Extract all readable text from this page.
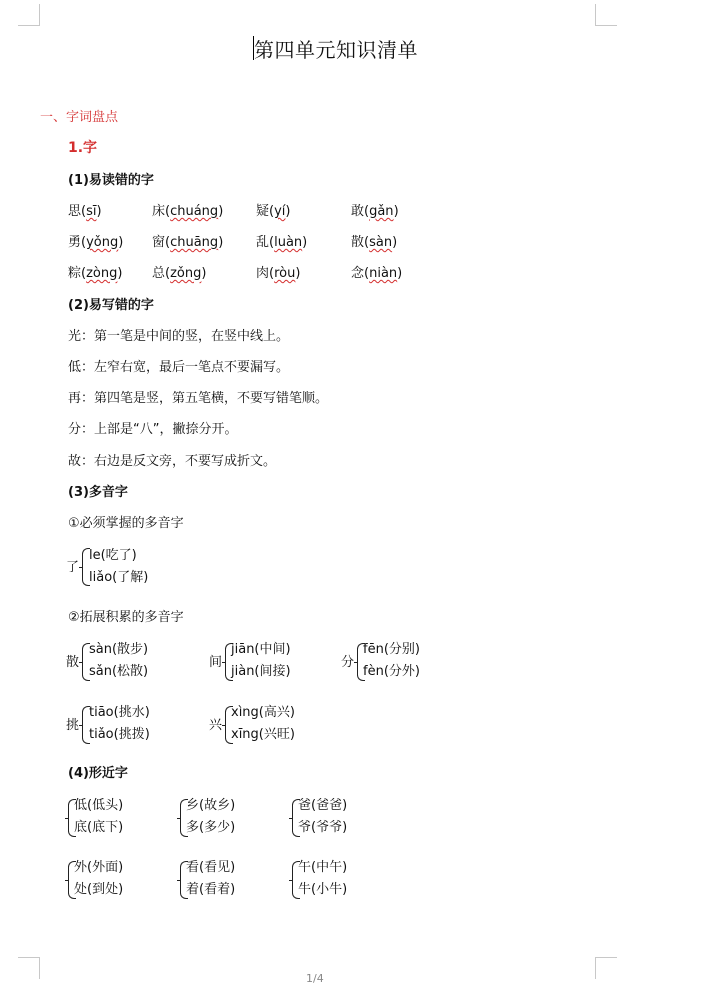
第四单元知识清单
一、字词盘点
1.字
(1)易读错的字
思(sī)	床(chuáng)	疑(yí)	敢(gǎn)
勇(yǒng) 窗(chuāng)	乱(luàn)	散(sàn)
粽(zòng) 总(zǒng)	肉(ròu)	念(niàn)
(2)易写错的字
光：第一笔是中间的竖，在竖中线上。
低：左窄右宽，最后一笔点不要漏写。
再：第四笔是竖，第五笔横，不要写错笔顺。
分：上部是“八”，撇捺分开。
故：右边是反文旁，不要写成折文。
(3)多音字
①必须掌握的多音字
了
le(吃了)
liǎo(了解)
②拓展积累的多音字
散
sàn(散步)
sǎn(松散)
间
jiān(中间)
jiàn(间接)
分
fēn(分别)
fèn(分外)
挑
tiāo(挑水)
tiǎo(挑拨)
兴
xìng(高兴)
xīng(兴旺)
(4)形近字
低(低头)
底(底下)
乡(故乡)
多(多少)
爸(爸爸)
爷(爷爷)
外(外面)
处(到处)
看(看见)
着(看着)
午(中午)
牛(小牛)
1/4
